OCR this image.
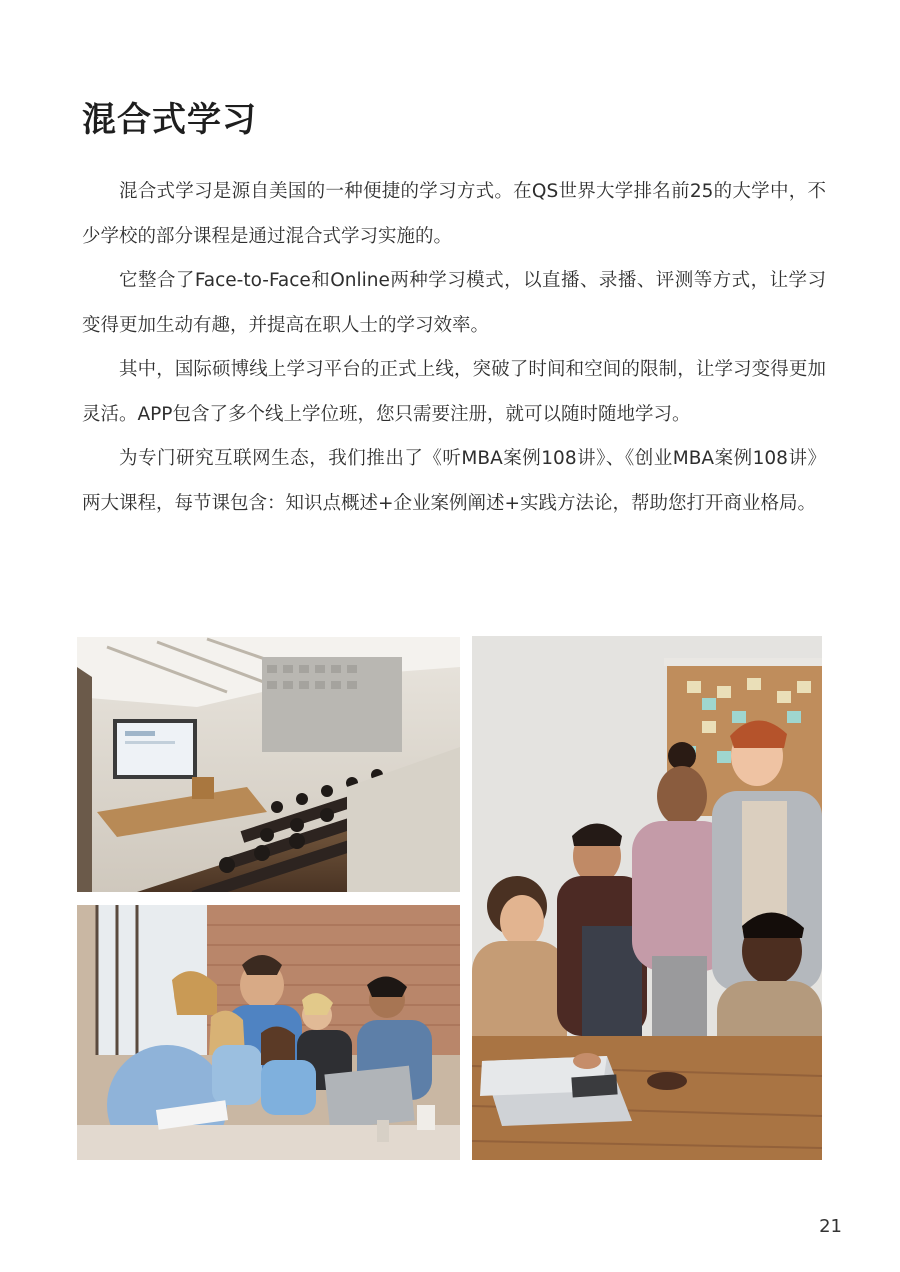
混合式学习

混合式学习是源自美国的一种便捷的学习方式。在QS世界大学排名前25的大学中，不少学校的部分课程是通过混合式学习实施的。

它整合了Face-to-Face和Online两种学习模式，以直播、录播、评测等方式，让学习变得更加生动有趣，并提高在职人士的学习效率。

其中，国际硕博线上学习平台的正式上线，突破了时间和空间的限制，让学习变得更加灵活。APP包含了多个线上学位班，您只需要注册，就可以随时随地学习。

为专门研究互联网生态，我们推出了《听MBA案例108讲》、《创业MBA案例108讲》两大课程，每节课包含：知识点概述+企业案例阐述+实践方法论，帮助您打开商业格局。

21
